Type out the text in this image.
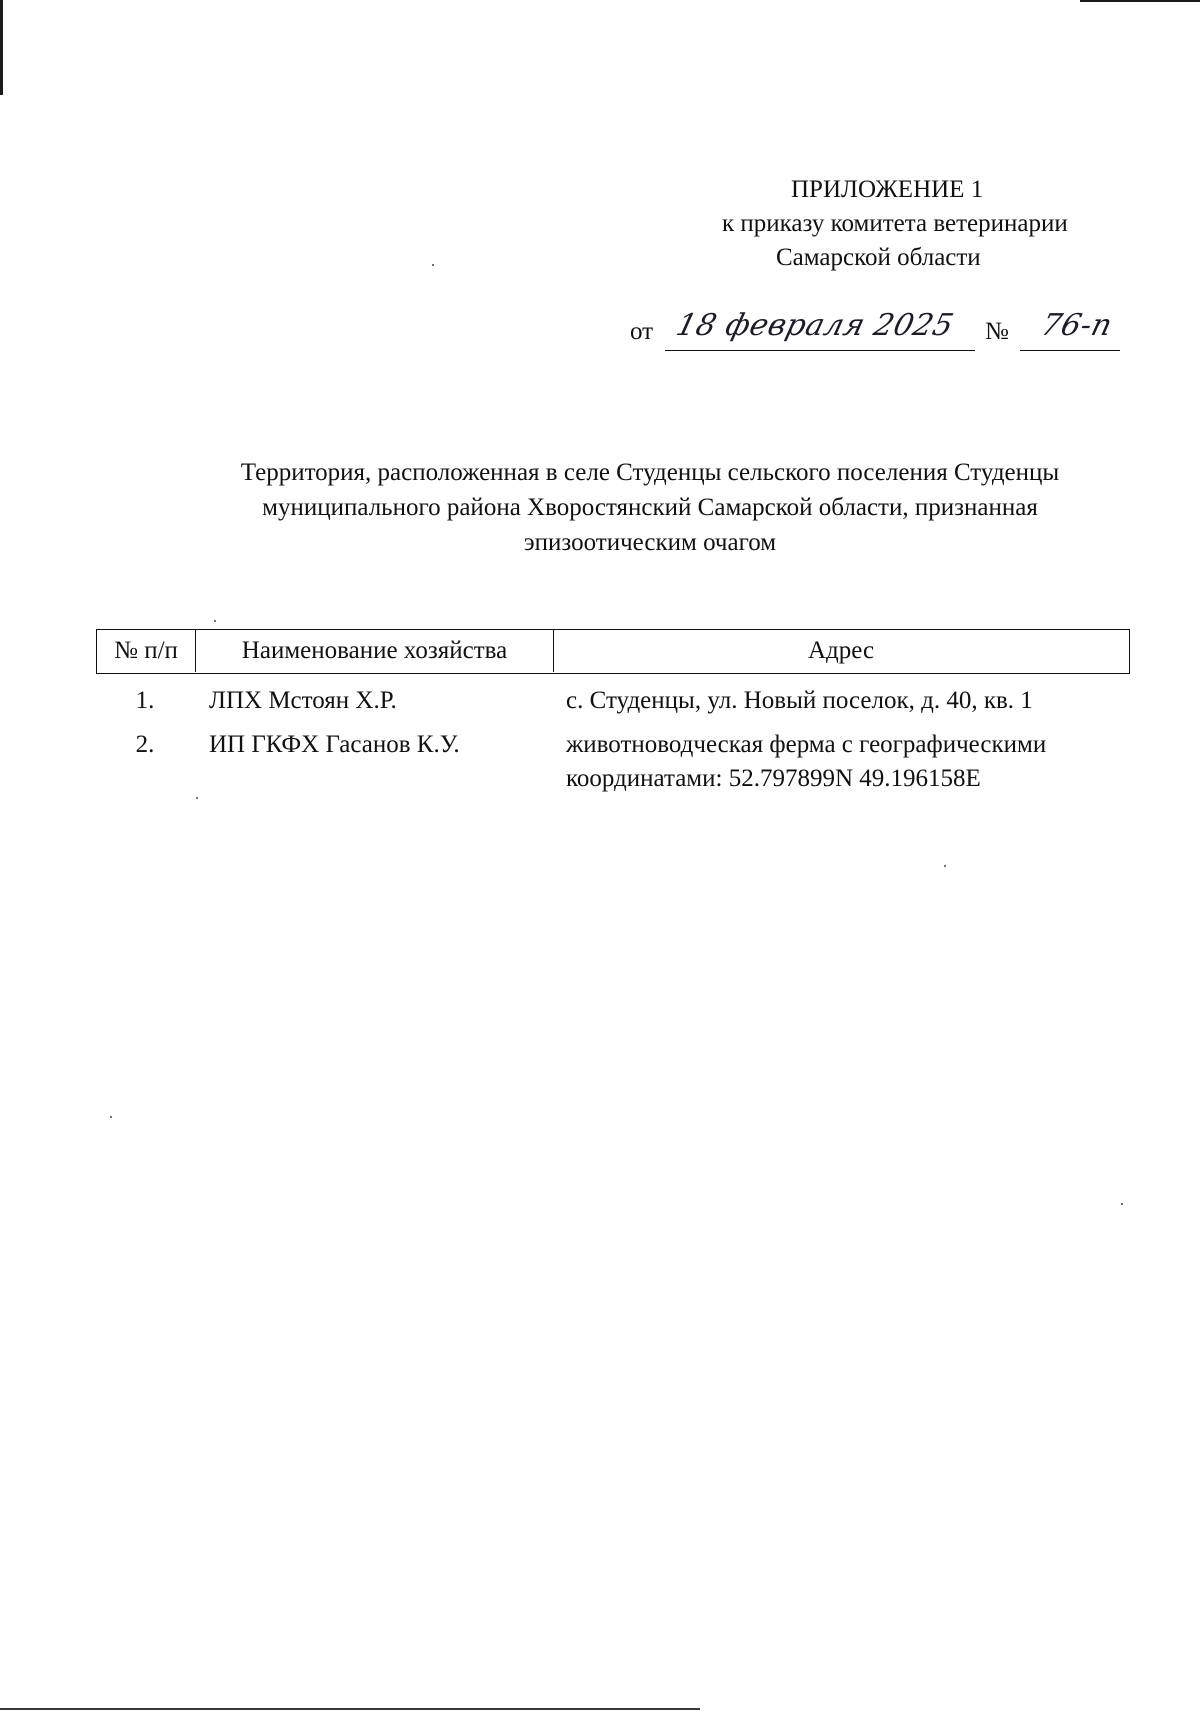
ПРИЛОЖЕНИЕ 1
к приказу комитета ветеринарии
Самарской области
от 18 февраля 2025 № 76-п
Территория, расположенная в селе Студенцы сельского поселения Студенцы
муниципального района Хворостянский Самарской области, признанная
эпизоотическим очагом
№ п/п	Наименование хозяйства	Адрес
1.	ЛПХ Мстоян Х.Р.	с. Студенцы, ул. Новый поселок, д. 40, кв. 1
2.	ИП ГКФХ Гасанов К.У.	животноводческая ферма с географическими
координатами: 52.797899N 49.196158E
